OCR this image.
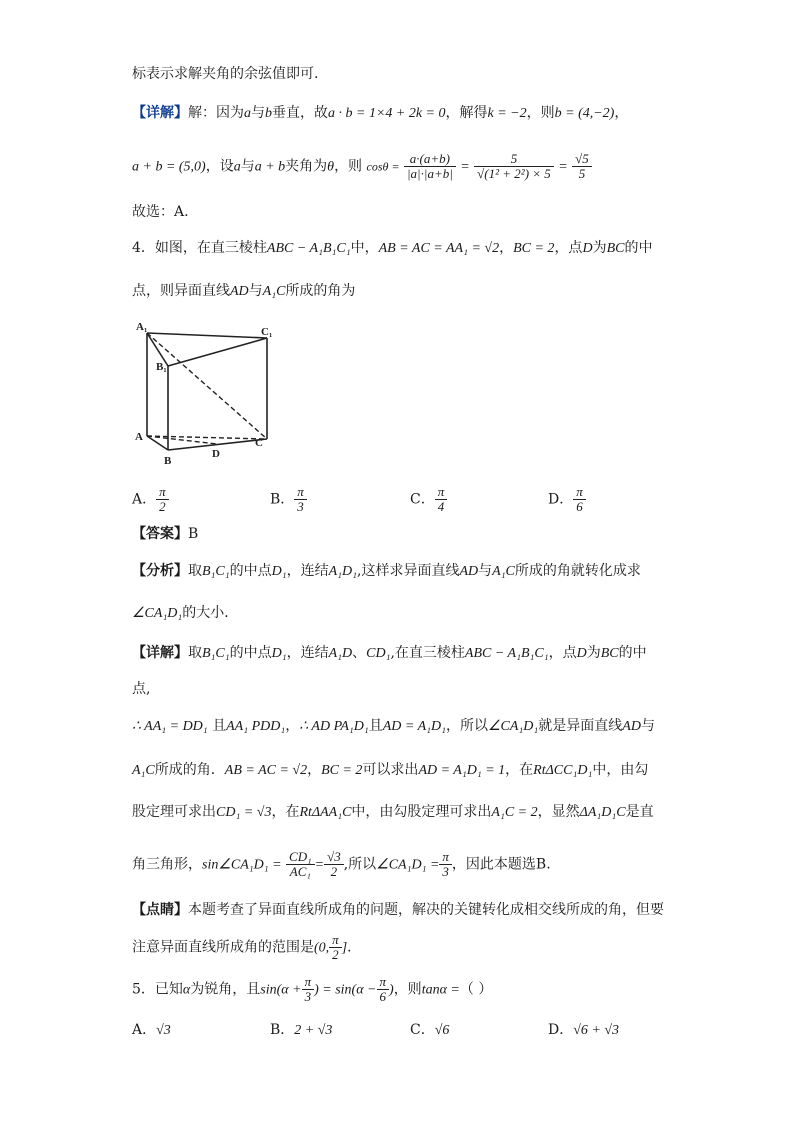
标表示求解夹角的余弦值即可.
【详解】解：因为a与b垂直，故a · b = 1×4 + 2k = 0，解得k = −2，则b = (4,−2)，
a + b = (5,0)，设a与a + b夹角为θ，则 $\cos\theta = \frac{a\cdot(a+b)}{|a|\cdot|a+b|} = \frac{5}{\text{√(1² + 2²) × 5}} = \frac{√5}{5}$
故选：A.
4．如图，在直三棱柱ABC − A₁B₁C₁中，AB = AC = AA₁ = √2，BC = 2，点D为BC的中
点，则异面直线AD与A₁C所成的角为
A₁	C₁
B₁
A
B
D
C
A． $\frac{\pi}{2}$	B． $\frac{\pi}{3}$	C． $\frac{\pi}{4}$	D． $\frac{\pi}{6}$
【答案】B
【分析】取B₁C₁的中点D₁，连结A₁D₁,这样求异面直线AD与A₁C所成的角就转化成求
∠CA₁D₁的大小．
【详解】取B₁C₁的中点D₁，连结A₁D、CD₁,在直三棱柱ABC − A₁B₁C₁，点D为BC的中
点,
∴ AA₁ = DD₁ 且AA₁ PDD₁，∴ AD PA₁D₁且AD = A₁D₁，所以∠CA₁D₁就是异面直线AD与
A₁C所成的角．AB = AC = √2，BC = 2可以求出AD = A₁D₁ = 1，在RtΔCC₁D₁中，由勾
股定理可求出CD₁ = √3，在RtΔAA₁C中，由勾股定理可求出A₁C = 2，显然ΔA₁D₁C是直
角三角形，sin∠CA₁D₁ = $\frac{\text{CD₁}}{\text{AC₁}} = \frac{√3}{2}$ ,所以∠CA₁D₁ = $\frac{\pi}{3}$ ，因此本题选B.
【点睛】本题考查了异面直线所成角的问题，解决的关键转化成相交线所成的角，但要
注意异面直线所成角的范围是(0, $\frac{\pi}{2}$ ]．
5．已知α为锐角，且$\sin(\alpha + \frac{\pi}{3}$ ) = $\sin(\alpha - \frac{\pi}{6}$ )，则tanα =（ ）
A．√3	B．2 + √3	C．√6	D．√6 + √3
